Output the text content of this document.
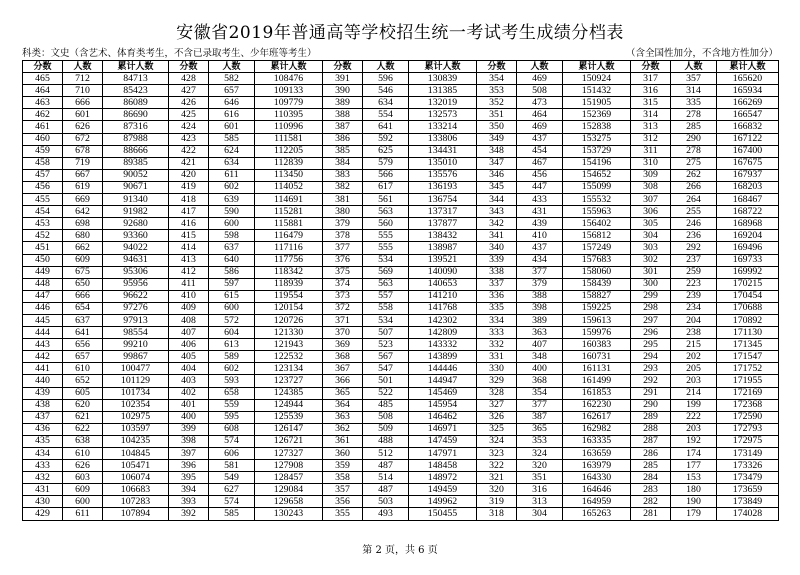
安徽省2019年普通高等学校招生统一考试考生成绩分档表
科类：文史（含艺术、体育类考生，不含已录取考生、少年班等考生）	（含全国性加分，不含地方性加分）
分数	人数	累计人数	分数	人数	累计人数	分数	人数	累计人数	分数	人数	累计人数	分数	人数	累计人数
465	712	84713	428	582	108476	391	596	130839	354	469	150924	317	357	165620
464	710	85423	427	657	109133	390	546	131385	353	508	151432	316	314	165934
463	666	86089	426	646	109779	389	634	132019	352	473	151905	315	335	166269
462	601	86690	425	616	110395	388	554	132573	351	464	152369	314	278	166547
461	626	87316	424	601	110996	387	641	133214	350	469	152838	313	285	166832
460	672	87988	423	585	111581	386	592	133806	349	437	153275	312	290	167122
459	678	88666	422	624	112205	385	625	134431	348	454	153729	311	278	167400
458	719	89385	421	634	112839	384	579	135010	347	467	154196	310	275	167675
457	667	90052	420	611	113450	383	566	135576	346	456	154652	309	262	167937
456	619	90671	419	602	114052	382	617	136193	345	447	155099	308	266	168203
455	669	91340	418	639	114691	381	561	136754	344	433	155532	307	264	168467
454	642	91982	417	590	115281	380	563	137317	343	431	155963	306	255	168722
453	698	92680	416	600	115881	379	560	137877	342	439	156402	305	246	168968
452	680	93360	415	598	116479	378	555	138432	341	410	156812	304	236	169204
451	662	94022	414	637	117116	377	555	138987	340	437	157249	303	292	169496
450	609	94631	413	640	117756	376	534	139521	339	434	157683	302	237	169733
449	675	95306	412	586	118342	375	569	140090	338	377	158060	301	259	169992
448	650	95956	411	597	118939	374	563	140653	337	379	158439	300	223	170215
447	666	96622	410	615	119554	373	557	141210	336	388	158827	299	239	170454
446	654	97276	409	600	120154	372	558	141768	335	398	159225	298	234	170688
445	637	97913	408	572	120726	371	534	142302	334	389	159613	297	204	170892
444	641	98554	407	604	121330	370	507	142809	333	363	159976	296	238	171130
443	656	99210	406	613	121943	369	523	143332	332	407	160383	295	215	171345
442	657	99867	405	589	122532	368	567	143899	331	348	160731	294	202	171547
441	610	100477	404	602	123134	367	547	144446	330	400	161131	293	205	171752
440	652	101129	403	593	123727	366	501	144947	329	368	161499	292	203	171955
439	605	101734	402	658	124385	365	522	145469	328	354	161853	291	214	172169
438	620	102354	401	559	124944	364	485	145954	327	377	162230	290	199	172368
437	621	102975	400	595	125539	363	508	146462	326	387	162617	289	222	172590
436	622	103597	399	608	126147	362	509	146971	325	365	162982	288	203	172793
435	638	104235	398	574	126721	361	488	147459	324	353	163335	287	192	172975
434	610	104845	397	606	127327	360	512	147971	323	324	163659	286	174	173149
433	626	105471	396	581	127908	359	487	148458	322	320	163979	285	177	173326
432	603	106074	395	549	128457	358	514	148972	321	351	164330	284	153	173479
431	609	106683	394	627	129084	357	487	149459	320	316	164646	283	180	173659
430	600	107283	393	574	129658	356	503	149962	319	313	164959	282	190	173849
429	611	107894	392	585	130243	355	493	150455	318	304	165263	281	179	174028
第 2 页，共 6 页
